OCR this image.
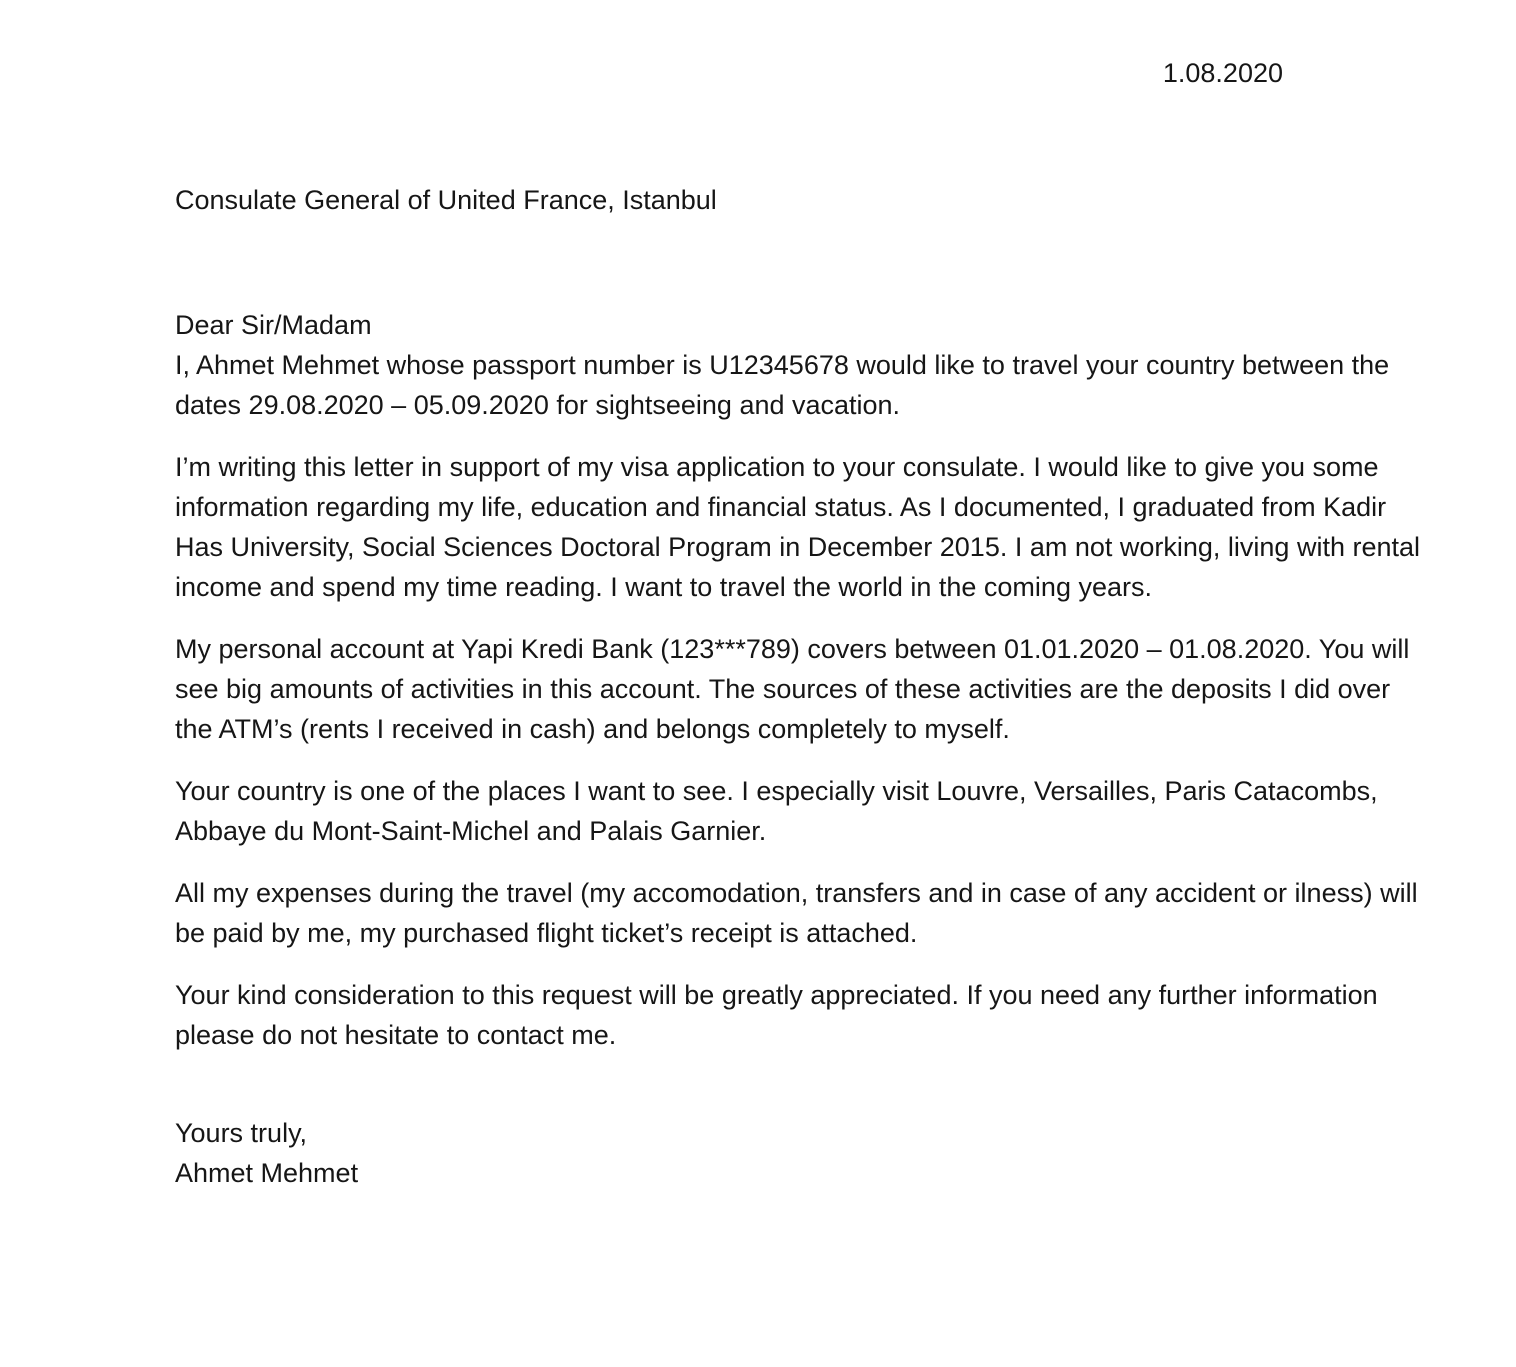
1.08.2020
Consulate General of United France, Istanbul
Dear Sir/Madam

I, Ahmet Mehmet whose passport number is U12345678 would like to travel your country between the dates 29.08.2020 – 05.09.2020 for sightseeing and vacation.

I’m writing this letter in support of my visa application to your consulate. I would like to give you some information regarding my life, education and financial status. As I documented, I graduated from Kadir Has University, Social Sciences Doctoral Program in December 2015. I am not working, living with rental income and spend my time reading. I want to travel the world in the coming years.

My personal account at Yapi Kredi Bank (123***789) covers between 01.01.2020 – 01.08.2020. You will see big amounts of activities in this account. The sources of these activities are the deposits I did over the ATM’s (rents I received in cash) and belongs completely to myself.

Your country is one of the places I want to see. I especially visit Louvre, Versailles, Paris Catacombs, Abbaye du Mont-Saint-Michel and Palais Garnier.

All my expenses during the travel (my accomodation, transfers and in case of any accident or ilness) will be paid by me, my purchased flight ticket’s receipt is attached.

Your kind consideration to this request will be greatly appreciated. If you need any further information please do not hesitate to contact me.

Yours truly,
Ahmet Mehmet
